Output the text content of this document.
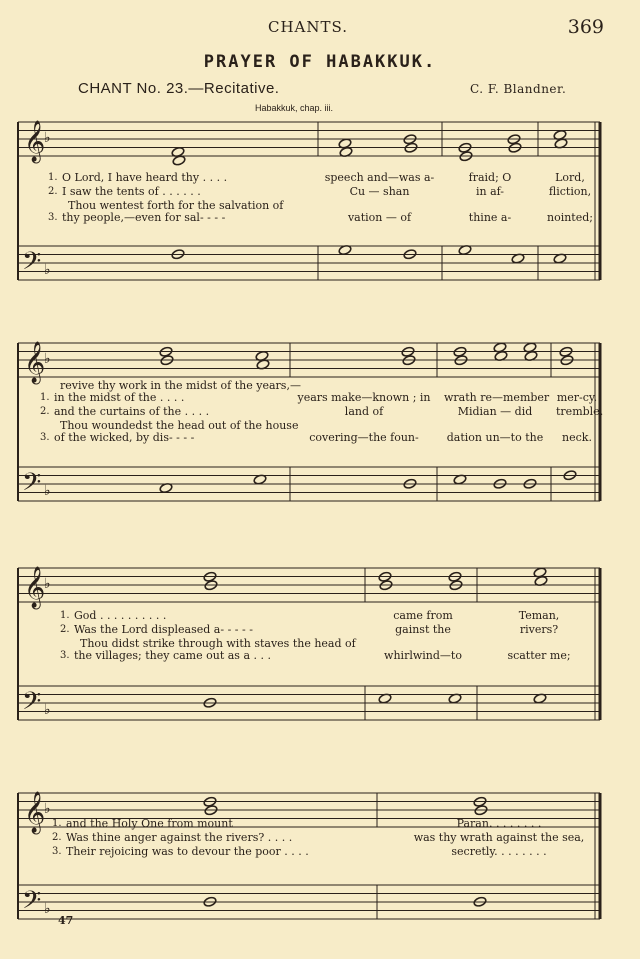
CHANTS.	369
PRAYER OF HABAKKUK.
CHANT No. 23.—Recitative.	C. F. Blandner.
Habakkuk, chap. iii.
𝄞
𝄢
♭
♭
𝄞
𝄢
♭
♭
𝄞
𝄢
♭
♭
𝄞
𝄢
♭
♭
1. O Lord, I have heard thy . . . .	speech and—was a-	fraid; O	Lord,
2. I saw the tents of . . . . . .	Cu — shan	in af-	fliction,
Thou wentest forth for the salvation of
3. thy people,—even for sal- - - -	vation — of	thine a-	nointed;
revive thy work in the midst of the years,—
1. in the midst of the . . . .	years make—known ; in wrath re—member mer-cy.
2. and the curtains of the . . . .	land of	Midian — did	tremble.
Thou woundedst the head out of the house
3. of the wicked, by dis- - - -	covering—the foun-	dation un—to the	neck.
1. God . . . . . . . . . .	came from	Teman,
2. Was the Lord displeased a- - - - -	gainst the	rivers?
Thou didst strike through with staves the head of
3. the villages; they came out as a . . .	whirlwind—to	scatter me;
1. and the Holy One from mount	Paran. . . . . . . .
2. Was thine anger against the rivers? . . . .	was thy wrath against the sea,
3. Their rejoicing was to devour the poor . . . .	secretly. . . . . . . .
47
